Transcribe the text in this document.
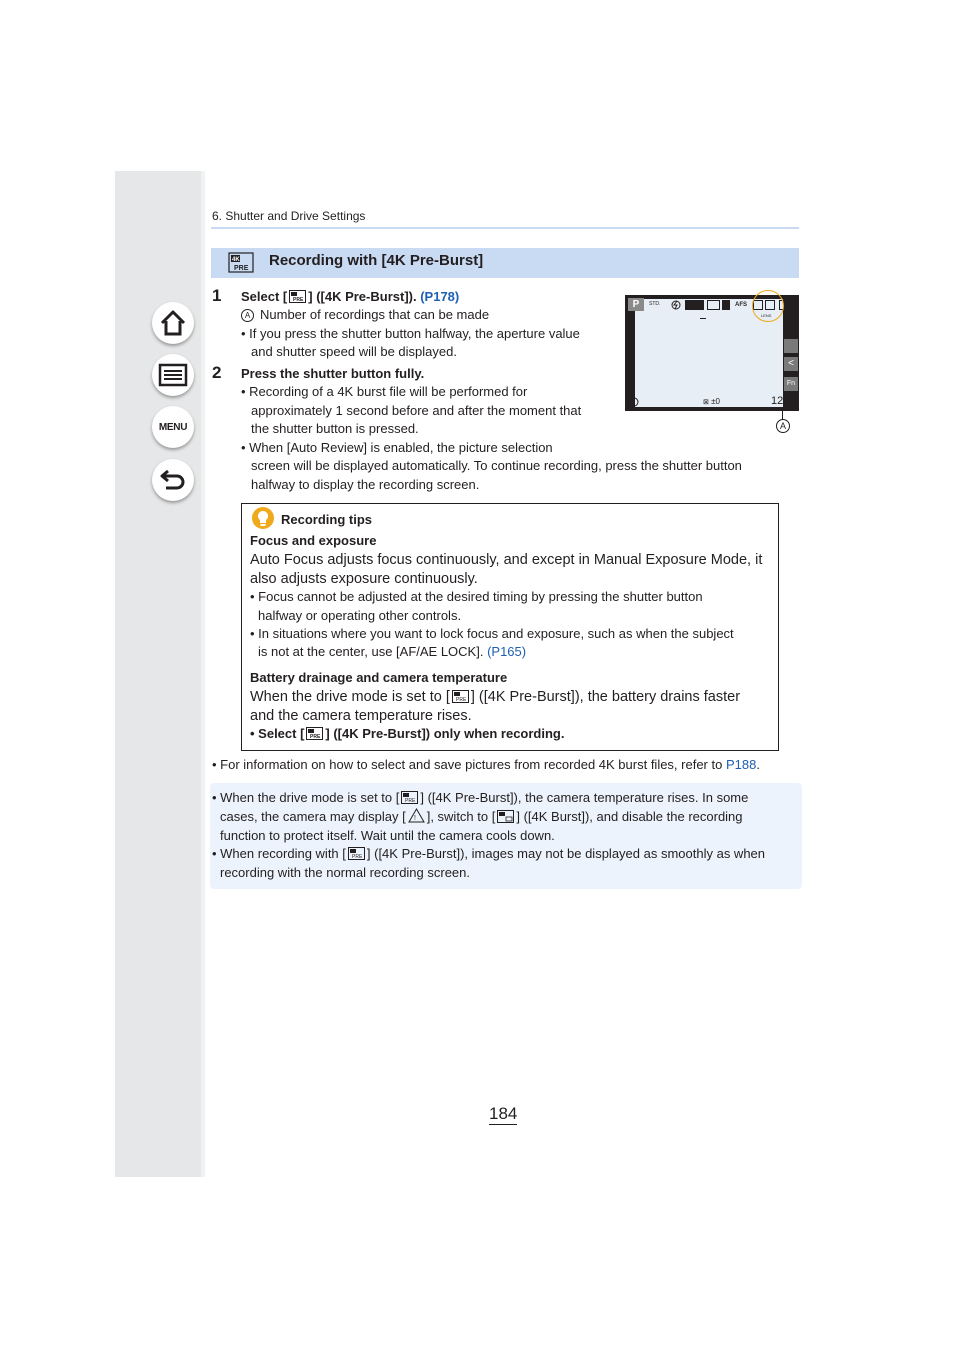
MENU
6. Shutter and Drive Settings
4K
PRE Recording with [4K Pre-Burst]
1 Select [ PRE ] ([4K Pre-Burst]). (P178)
A Number of recordings that can be made
• If you press the shutter button halfway, the aperture value
and shutter speed will be displayed.
2 Press the shutter button fully.
• Recording of a 4K burst file will be performed for
approximately 1 second before and after the moment that
the shutter button is pressed.
• When [Auto Review] is enabled, the picture selection
screen will be displayed automatically. To continue recording, press the shutter button
halfway to display the recording screen.
P	STD.	AFS
LENS
<
Fn
⊠ ±0	1200
A
Recording tips
Focus and exposure
Auto Focus adjusts focus continuously, and except in Manual Exposure Mode, it
also adjusts exposure continuously.
• Focus cannot be adjusted at the desired timing by pressing the shutter button
halfway or operating other controls.
• In situations where you want to lock focus and exposure, such as when the subject
is not at the center, use [AF/AE LOCK]. (P165)
Battery drainage and camera temperature
When the drive mode is set to [ PRE ] ([4K Pre-Burst]), the battery drains faster
and the camera temperature rises.
• Select [ PRE ] ([4K Pre-Burst]) only when recording.
• For information on how to select and save pictures from recorded 4K burst files, refer to P188.
• When the drive mode is set to [ PRE ] ([4K Pre-Burst]), the camera temperature rises. In some
cases, the camera may display [ ! ], switch to [ ] ([4K Burst]), and disable the recording
function to protect itself. Wait until the camera cools down.
• When recording with [ PRE ] ([4K Pre-Burst]), images may not be displayed as smoothly as when
recording with the normal recording screen.
184
